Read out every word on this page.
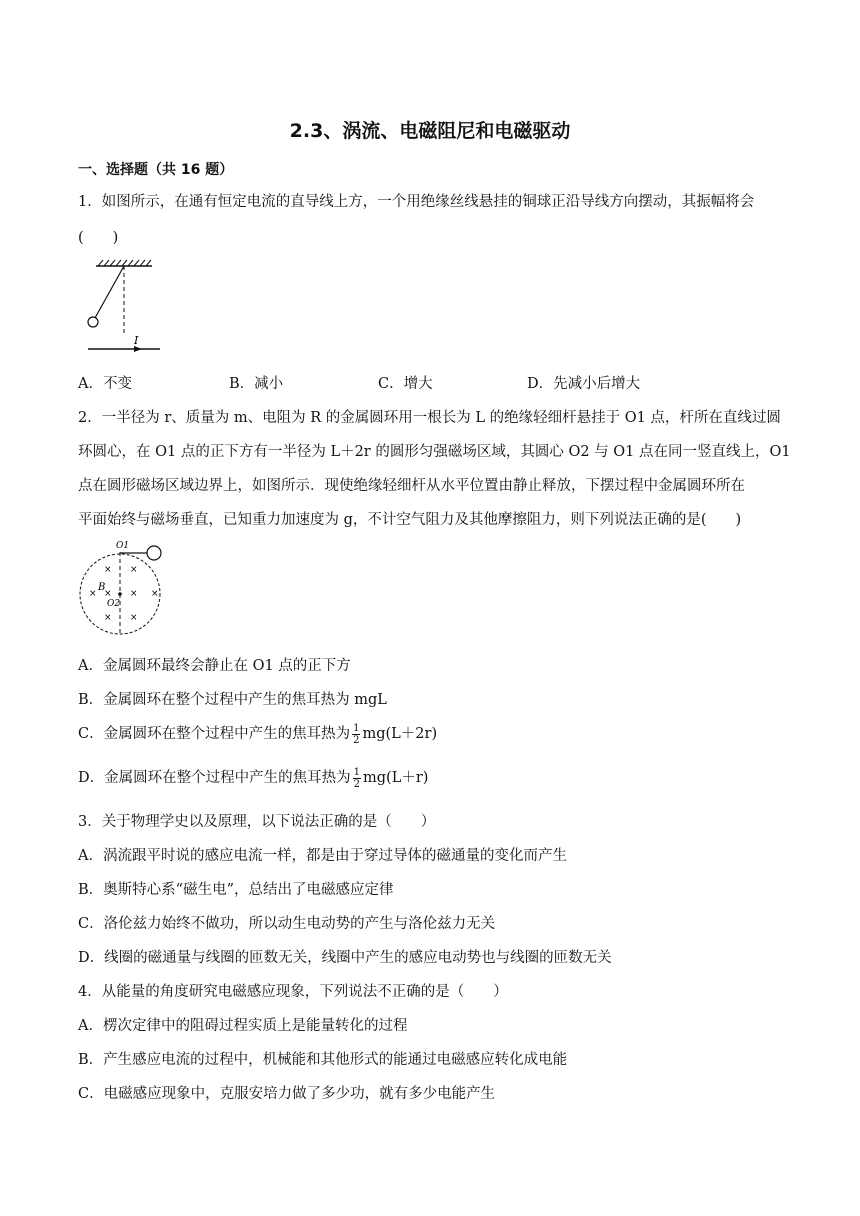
2.3、涡流、电磁阻尼和电磁驱动
一、选择题（共 16 题）
1．如图所示，在通有恒定电流的直导线上方，一个用绝缘丝线悬挂的铜球正沿导线方向摆动，其振幅将会
(　　)
I
A．不变	B．减小	C．增大	D．先减小后增大
2．一半径为 r、质量为 m、电阻为 R 的金属圆环用一根长为 L 的绝缘轻细杆悬挂于 O1 点，杆所在直线过圆
环圆心，在 O1 点的正下方有一半径为 L＋2r 的圆形匀强磁场区域，其圆心 O2 与 O1 点在同一竖直线上，O1
点在圆形磁场区域边界上，如图所示．现使绝缘轻细杆从水平位置由静止释放，下摆过程中金属圆环所在
平面始终与磁场垂直，已知重力加速度为 g，不计空气阻力及其他摩擦阻力，则下列说法正确的是(　　)
O1
B
O2
× ×
×	× ×
× ×
×
A．金属圆环最终会静止在 O1 点的正下方
B．金属圆环在整个过程中产生的焦耳热为 mgL
C．金属圆环在整个过程中产生的焦耳热为 $\frac{1}{2} mg(L+2r)$
D．金属圆环在整个过程中产生的焦耳热为 $\frac{1}{2} mg(L+r)$
3．关于物理学史以及原理，以下说法正确的是（　　）
A．涡流跟平时说的感应电流一样，都是由于穿过导体的磁通量的变化而产生
B．奥斯特心系“磁生电”，总结出了电磁感应定律
C．洛伦兹力始终不做功，所以动生电动势的产生与洛伦兹力无关
D．线圈的磁通量与线圈的匝数无关，线圈中产生的感应电动势也与线圈的匝数无关
4．从能量的角度研究电磁感应现象，下列说法不正确的是（　　）
A．楞次定律中的阻碍过程实质上是能量转化的过程
B．产生感应电流的过程中，机械能和其他形式的能通过电磁感应转化成电能
C．电磁感应现象中，克服安培力做了多少功，就有多少电能产生
